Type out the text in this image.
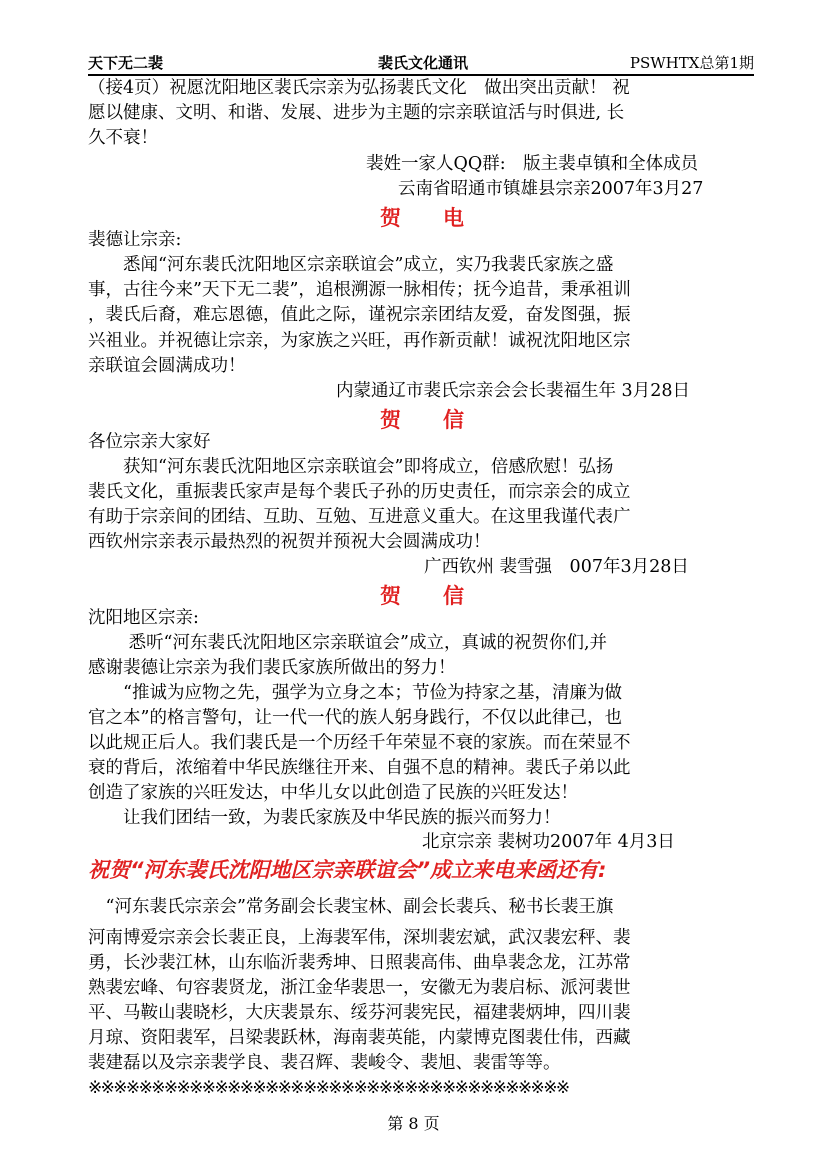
天下无二裴	裴氏文化通讯	PSWHTX总第1期
（接4页）祝愿沈阳地区裴氏宗亲为弘扬裴氏文化　做出突出贡献！ 祝
愿以健康、文明、和谐、发展、进步为主题的宗亲联谊活与时俱进, 长
久不衰！
裴姓一家人QQ群:　版主裴卓镇和全体成员
云南省昭通市镇雄县宗亲2007年3月27
贺　　电
裴德让宗亲:
　　悉闻“河东裴氏沈阳地区宗亲联谊会”成立，实乃我裴氏家族之盛
事，古往今来”天下无二裴”，追根溯源一脉相传；抚今追昔，秉承祖训
，裴氏后裔，难忘恩德，值此之际，谨祝宗亲团结友爱，奋发图强，振
兴祖业。并祝德让宗亲，为家族之兴旺，再作新贡献！诚祝沈阳地区宗
亲联谊会圆满成功！
内蒙通辽市裴氏宗亲会会长裴福生年 3月28日
贺　　信
各位宗亲大家好
　　获知“河东裴氏沈阳地区宗亲联谊会”即将成立，倍感欣慰！弘扬
裴氏文化，重振裴氏家声是每个裴氏子孙的历史责任，而宗亲会的成立
有助于宗亲间的团结、互助、互勉、互进意义重大。在这里我谨代表广
西钦州宗亲表示最热烈的祝贺并预祝大会圆满成功！
广西钦州 裴雪强　007年3月28日
贺　　信
沈阳地区宗亲:
　　 悉听“河东裴氏沈阳地区宗亲联谊会”成立，真诚的祝贺你们,并
感谢裴德让宗亲为我们裴氏家族所做出的努力！
　　“推诚为应物之先，强学为立身之本；节俭为持家之基，清廉为做
官之本”的格言警句，让一代一代的族人躬身践行，不仅以此律己，也
以此规正后人。我们裴氏是一个历经千年荣显不衰的家族。而在荣显不
衰的背后，浓缩着中华民族继往开来、自强不息的精神。裴氏子弟以此
创造了家族的兴旺发达，中华儿女以此创造了民族的兴旺发达！
　　让我们团结一致，为裴氏家族及中华民族的振兴而努力！
北京宗亲 裴树功2007年 4月3日
祝贺“河东裴氏沈阳地区宗亲联谊会”成立来电来函还有:
　“河东裴氏宗亲会”常务副会长裴宝林、副会长裴兵、秘书长裴王旗
河南博爱宗亲会长裴正良，上海裴军伟，深圳裴宏斌，武汉裴宏秤、裴
勇，长沙裴江林，山东临沂裴秀坤、日照裴高伟、曲阜裴念龙，江苏常
熟裴宏峰、句容裴贤龙，浙江金华裴思一，安徽无为裴启标、派河裴世
平、马鞍山裴晓杉，大庆裴景东、绥芬河裴宪民，福建裴炳坤，四川裴
月琼、资阳裴军，吕梁裴跃林，海南裴英能，内蒙博克图裴仕伟，西藏
裴建磊以及宗亲裴学良、裴召辉、裴峻令、裴旭、裴雷等等。
※※※※※※※※※※※※※※※※※※※※※※※※※※※※※※※※※※※※※※
第 8 页
